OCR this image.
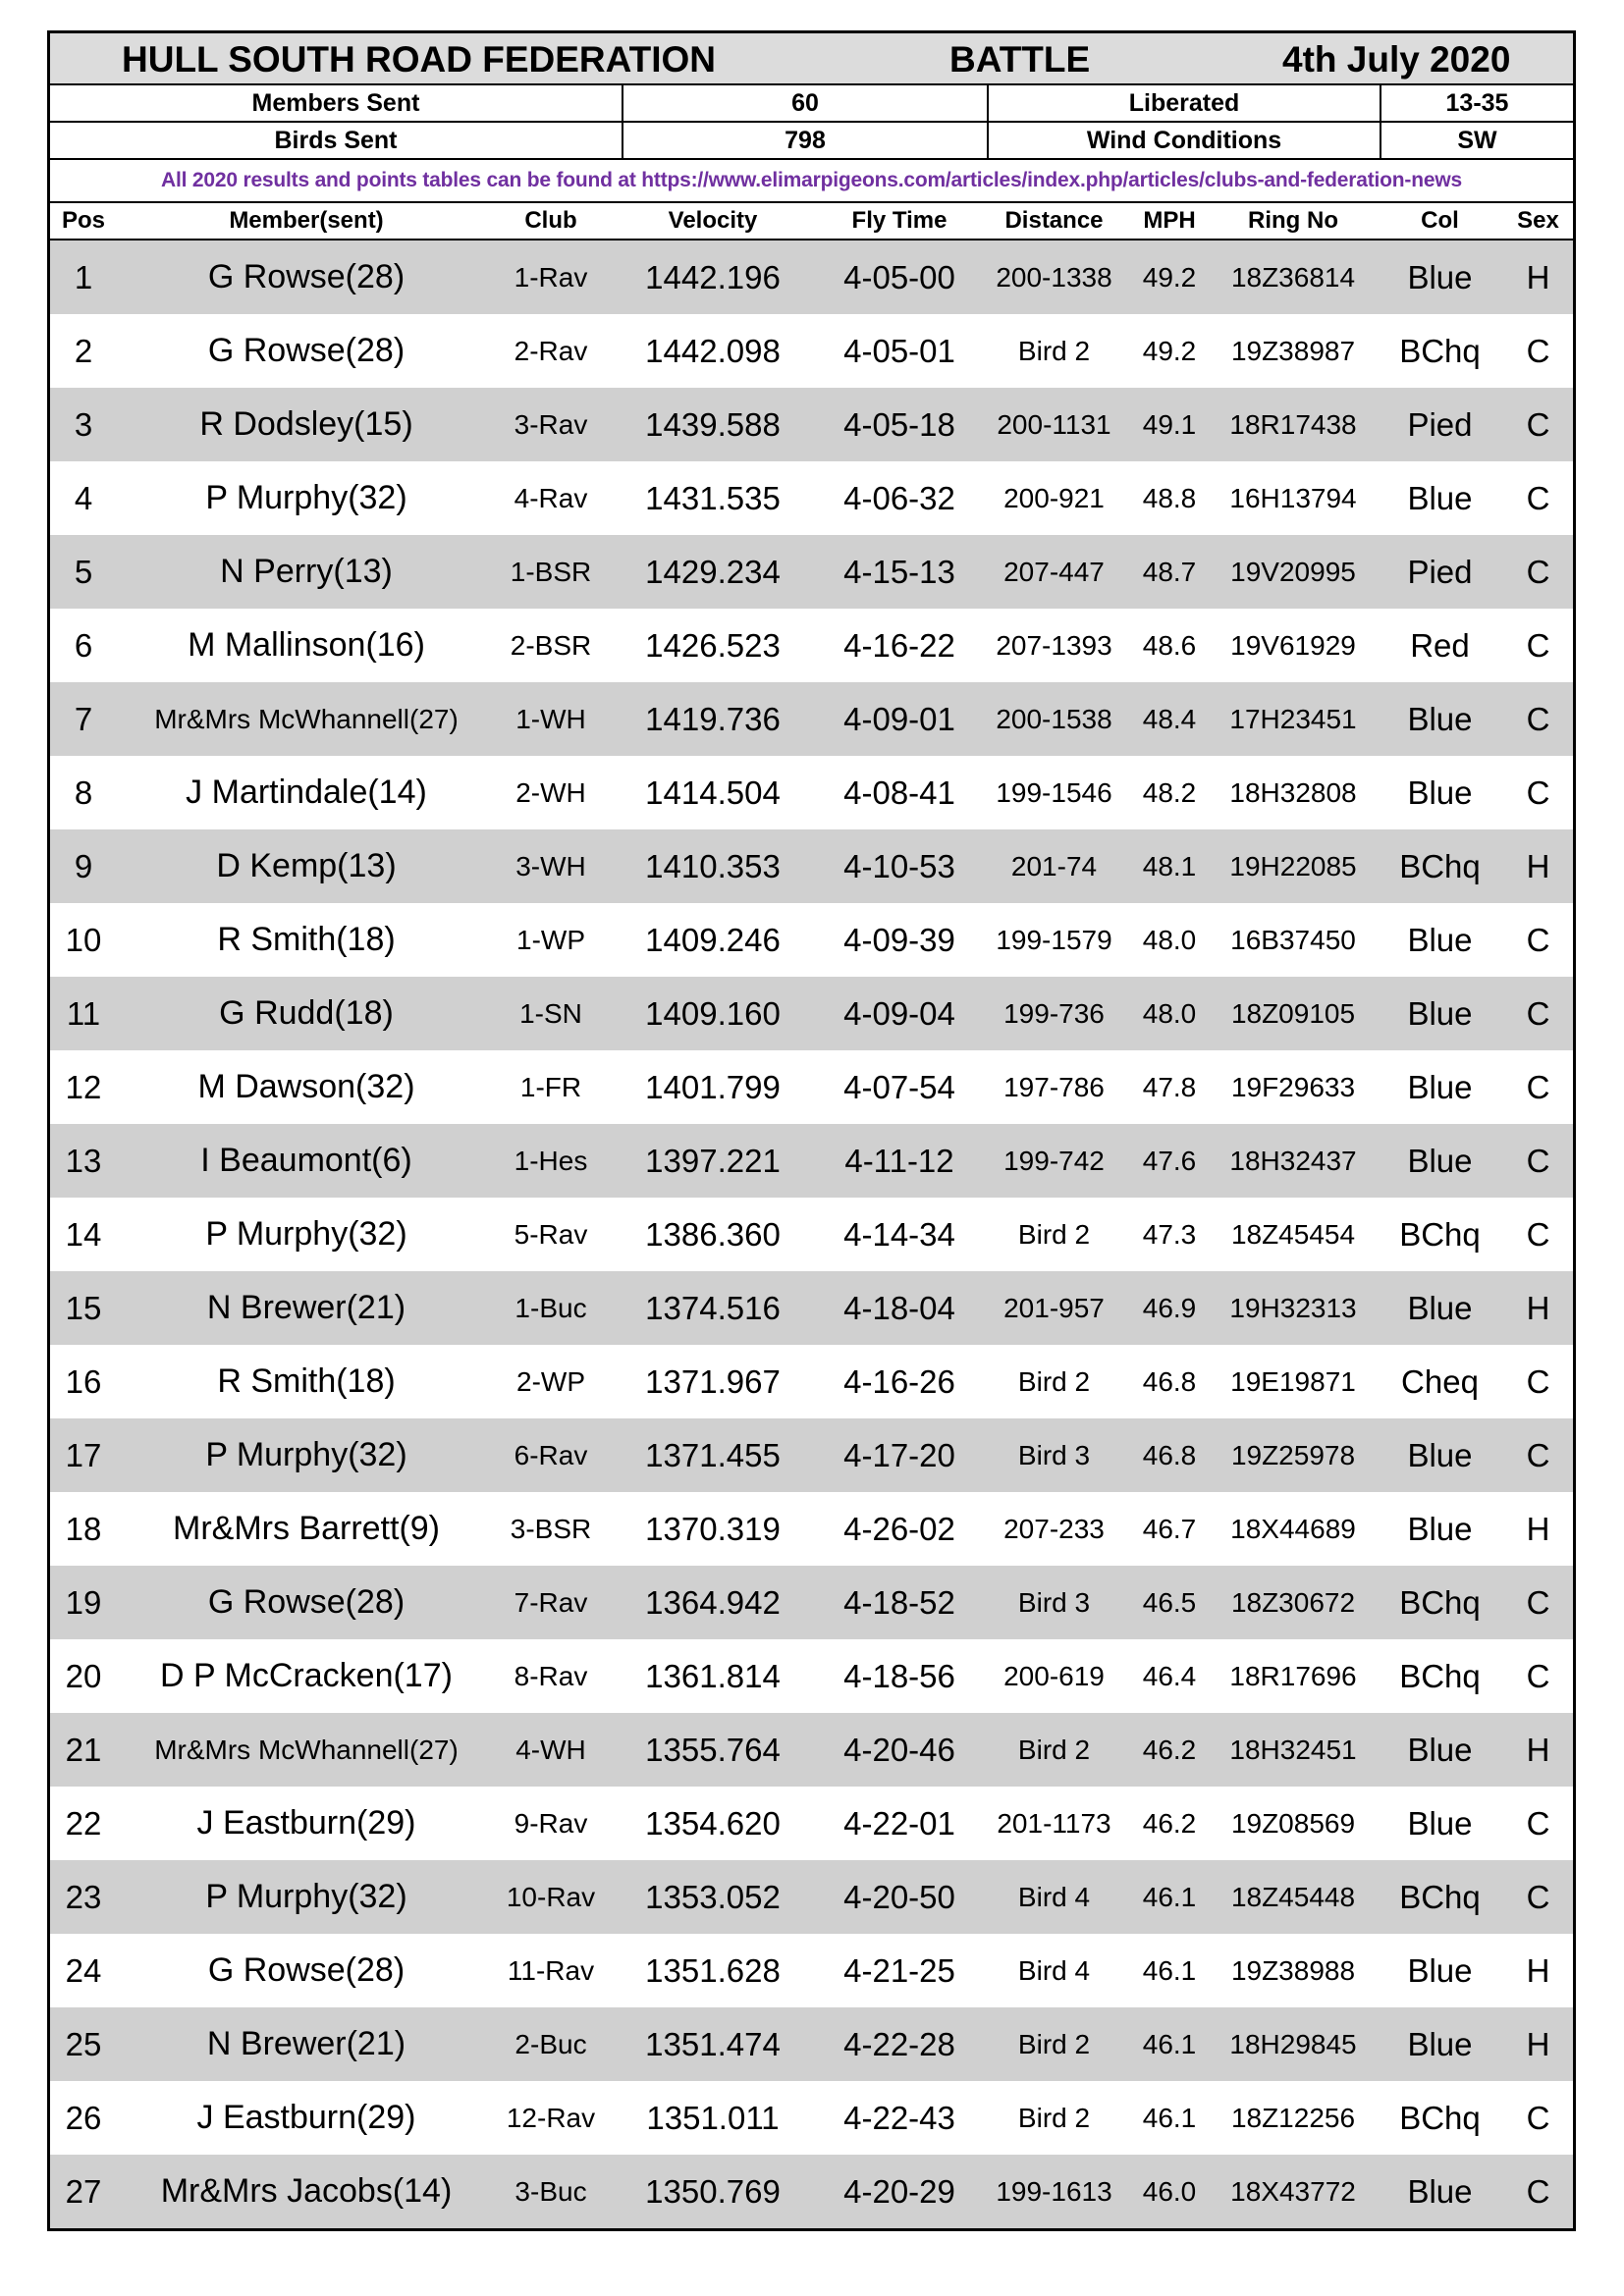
HULL SOUTH ROAD FEDERATION	BATTLE	4th July 2020
Members Sent	60	Liberated	13-35
Birds Sent	798	Wind Conditions	SW
All 2020 results and points tables can be found at https://www.elimarpigeons.com/articles/index.php/articles/clubs-and-federation-news
Pos	Member(sent)	Club	Velocity	Fly Time	Distance	MPH	Ring No	Col	Sex
1	G Rowse(28)	1-Rav	1442.196	4-05-00	200-1338	49.2	18Z36814	Blue	H
2	G Rowse(28)	2-Rav	1442.098	4-05-01	Bird 2	49.2	19Z38987	BChq	C
3	R Dodsley(15)	3-Rav	1439.588	4-05-18	200-1131	49.1	18R17438	Pied	C
4	P Murphy(32)	4-Rav	1431.535	4-06-32	200-921	48.8	16H13794	Blue	C
5	N Perry(13)	1-BSR	1429.234	4-15-13	207-447	48.7	19V20995	Pied	C
6	M Mallinson(16)	2-BSR	1426.523	4-16-22	207-1393	48.6	19V61929	Red	C
7	Mr&Mrs McWhannell(27)	1-WH	1419.736	4-09-01	200-1538	48.4	17H23451	Blue	C
8	J Martindale(14)	2-WH	1414.504	4-08-41	199-1546	48.2	18H32808	Blue	C
9	D Kemp(13)	3-WH	1410.353	4-10-53	201-74	48.1	19H22085	BChq	H
10	R Smith(18)	1-WP	1409.246	4-09-39	199-1579	48.0	16B37450	Blue	C
11	G Rudd(18)	1-SN	1409.160	4-09-04	199-736	48.0	18Z09105	Blue	C
12	M Dawson(32)	1-FR	1401.799	4-07-54	197-786	47.8	19F29633	Blue	C
13	I Beaumont(6)	1-Hes	1397.221	4-11-12	199-742	47.6	18H32437	Blue	C
14	P Murphy(32)	5-Rav	1386.360	4-14-34	Bird 2	47.3	18Z45454	BChq	C
15	N Brewer(21)	1-Buc	1374.516	4-18-04	201-957	46.9	19H32313	Blue	H
16	R Smith(18)	2-WP	1371.967	4-16-26	Bird 2	46.8	19E19871	Cheq	C
17	P Murphy(32)	6-Rav	1371.455	4-17-20	Bird 3	46.8	19Z25978	Blue	C
18	Mr&Mrs Barrett(9)	3-BSR	1370.319	4-26-02	207-233	46.7	18X44689	Blue	H
19	G Rowse(28)	7-Rav	1364.942	4-18-52	Bird 3	46.5	18Z30672	BChq	C
20	D P McCracken(17)	8-Rav	1361.814	4-18-56	200-619	46.4	18R17696	BChq	C
21	Mr&Mrs McWhannell(27)	4-WH	1355.764	4-20-46	Bird 2	46.2	18H32451	Blue	H
22	J Eastburn(29)	9-Rav	1354.620	4-22-01	201-1173	46.2	19Z08569	Blue	C
23	P Murphy(32)	10-Rav	1353.052	4-20-50	Bird 4	46.1	18Z45448	BChq	C
24	G Rowse(28)	11-Rav	1351.628	4-21-25	Bird 4	46.1	19Z38988	Blue	H
25	N Brewer(21)	2-Buc	1351.474	4-22-28	Bird 2	46.1	18H29845	Blue	H
26	J Eastburn(29)	12-Rav	1351.011	4-22-43	Bird 2	46.1	18Z12256	BChq	C
27	Mr&Mrs Jacobs(14)	3-Buc	1350.769	4-20-29	199-1613	46.0	18X43772	Blue	C
